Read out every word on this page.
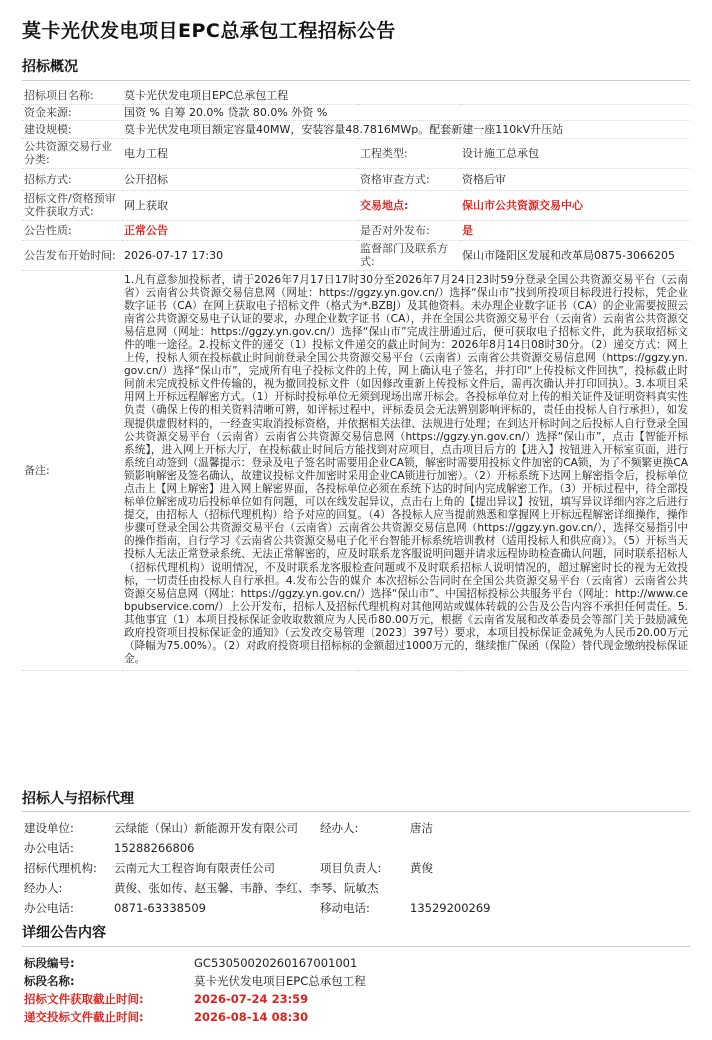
莫卡光伏发电项目EPC总承包工程招标公告
招标概况
招标项目名称:	莫卡光伏发电项目EPC总承包工程		
资金来源:	国资 % 自筹 20.0% 贷款 80.0% 外资 %		
建设规模:	莫卡光伏发电项目额定容量40MW，安装容量48.7816MWp。配套新建一座110kV升压站		
公共资源交易行业分类:	电力工程	工程类型:	设计施工总承包
招标方式:	公开招标	资格审查方式:	资格后审
招标文件/资格预审文件获取方式:	网上获取	交易地点:	保山市公共资源交易中心
公告性质:	正常公告	是否对外发布:	是
公告发布开始时间:	2026-07-17 17:30	监督部门及联系方式:	保山市隆阳区发展和改革局0875-3066205
备注:	1.凡有意参加投标者，请于2026年7月17日17时30分至2026年7月24日23时59分登录全国公共资源交易平台（云南省）云南省公共资源交易信息网（网址：https://ggzy.yn.gov.cn/）选择“保山市”找到所投项目标段进行投标，凭企业数字证书（CA）在网上获取电子招标文件（格式为*.BZBJ）及其他资料。未办理企业数字证书（CA）的企业需要按照云南省公共资源交易电子认证的要求，办理企业数字证书（CA），并在全国公共资源交易平台（云南省）云南省公共资源交易信息网（网址：https://ggzy.yn.gov.cn/）选择“保山市”完成注册通过后，便可获取电子招标文件，此为获取招标文件的唯一途径。2.投标文件的递交（1）投标文件递交的截止时间为：2026年8月14日08时30分。（2）递交方式：网上上传，投标人须在投标截止时间前登录全国公共资源交易平台（云南省）云南省公共资源交易信息网（https://ggzy.yn.gov.cn/）选择“保山市”，完成所有电子投标文件的上传，网上确认电子签名，并打印“上传投标文件回执”，投标截止时间前未完成投标文件传输的，视为撤回投标文件（如因修改重新上传投标文件后，需再次确认并打印回执）。3.本项目采用网上开标远程解密方式。（1）开标时投标单位无须到现场出席开标会。各投标单位对上传的相关证件及证明资料真实性负责（确保上传的相关资料清晰可辨，如评标过程中，评标委员会无法辨别影响评标的，责任由投标人自行承担），如发现提供虚假材料的，一经查实取消投标资格，并依据相关法律、法规进行处理；在到达开标时间之后投标人自行登录全国公共资源交易平台（云南省）云南省公共资源交易信息网（https://ggzy.yn.gov.cn/）选择“保山市”，点击【智能开标系统】，进入网上开标大厅，在投标截止时间后方能找到对应项目，点击项目后方的【进入】按钮进入开标室页面，进行系统自动签到（温馨提示：登录及电子签名时需要用企业CA锁，解密时需要用投标文件加密的CA锁，为了不频繁更换CA锁影响解密及签名确认，故建议投标文件加密时采用企业CA锁进行加密）。（2）开标系统下达网上解密指令后，投标单位点击上【网上解密】进入网上解密界面，各投标单位必须在系统下达的时间内完成解密工作。（3）开标过程中，待全部投标单位解密成功后投标单位如有问题，可以在线发起异议，点击右上角的【提出异议】按钮，填写异议详细内容之后进行提交，由招标人（招标代理机构）给予对应的回复。（4）各投标人应当提前熟悉和掌握网上开标远程解密详细操作，操作步骤可登录全国公共资源交易平台（云南省）云南省公共资源交易信息网（https://ggzy.yn.gov.cn/），选择交易指引中的操作指南，自行学习《云南省公共资源交易电子化平台智能开标系统培训教材（适用投标人和供应商）》。（5）开标当天投标人无法正常登录系统、无法正常解密的，应及时联系龙客服说明问题并请求远程协助检查确认问题，同时联系招标人（招标代理机构）说明情况，不及时联系龙客服检查问题或不及时联系招标人说明情况的，超过解密时长的视为无效投标，一切责任由投标人自行承担。4.发布公告的媒介 本次招标公告同时在全国公共资源交易平台（云南省）云南省公共资源交易信息网（网址：https://ggzy.yn.gov.cn/）选择“保山市”、中国招标投标公共服务平台（网址：http://www.cebpubservice.com/）上公开发布，招标人及招标代理机构对其他网站或媒体转载的公告及公告内容不承担任何责任。5.其他事宜（1）本项目投标保证金收取数额应为人民币80.00万元，根据《云南省发展和改革委员会等部门关于鼓励减免政府投资项目投标保证金的通知》（云发改交易管理〔2023〕397号）要求，本项目投标保证金减免为人民币20.00万元（降幅为75.00%）。（2）对政府投资项目招标标的金额超过1000万元的，继续推广保函（保险）替代现金缴纳投标保证金。		
招标人与招标代理
建设单位:	云绿能（保山）新能源开发有限公司	经办人:	唐洁
办公电话:	15288266806		
招标代理机构:	云南元大工程咨询有限责任公司	项目负责人:	黄俊
经办人:	黄俊、张如传、赵玉馨、韦静、李红、李琴、阮敏杰		
办公电话:	0871-63338509	移动电话:	13529200269
详细公告内容
标段编号:	GC53050020260167001001
标段名称:	莫卡光伏发电项目EPC总承包工程
招标文件获取截止时间:	2026-07-24 23:59
递交投标文件截止时间:	2026-08-14 08:30
